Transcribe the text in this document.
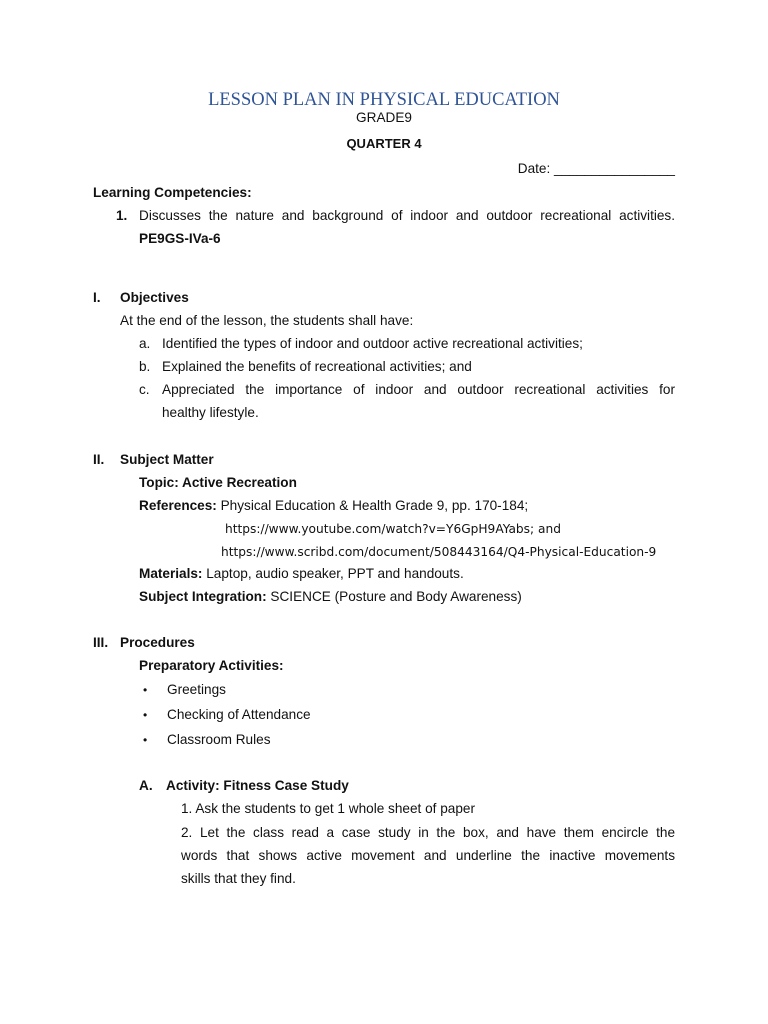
LESSON PLAN IN PHYSICAL EDUCATION
GRADE9
QUARTER 4
Date: ________________
Learning Competencies:
1. Discusses the nature and background of indoor and outdoor recreational activities.
PE9GS-IVa-6
I. Objectives
At the end of the lesson, the students shall have:
a. Identified the types of indoor and outdoor active recreational activities;
b. Explained the benefits of recreational activities; and
c. Appreciated the importance of indoor and outdoor recreational activities for
healthy lifestyle.
II. Subject Matter
Topic: Active Recreation
References: Physical Education & Health Grade 9, pp. 170-184;
https://www.youtube.com/watch?v=Y6GpH9AYabs; and
https://www.scribd.com/document/508443164/Q4-Physical-Education-9
Materials: Laptop, audio speaker, PPT and handouts.
Subject Integration: SCIENCE (Posture and Body Awareness)
III. Procedures
Preparatory Activities:
• Greetings
• Checking of Attendance
• Classroom Rules
A. Activity: Fitness Case Study
1. Ask the students to get 1 whole sheet of paper
2. Let the class read a case study in the box, and have them encircle the
words that shows active movement and underline the inactive movements
skills that they find.
